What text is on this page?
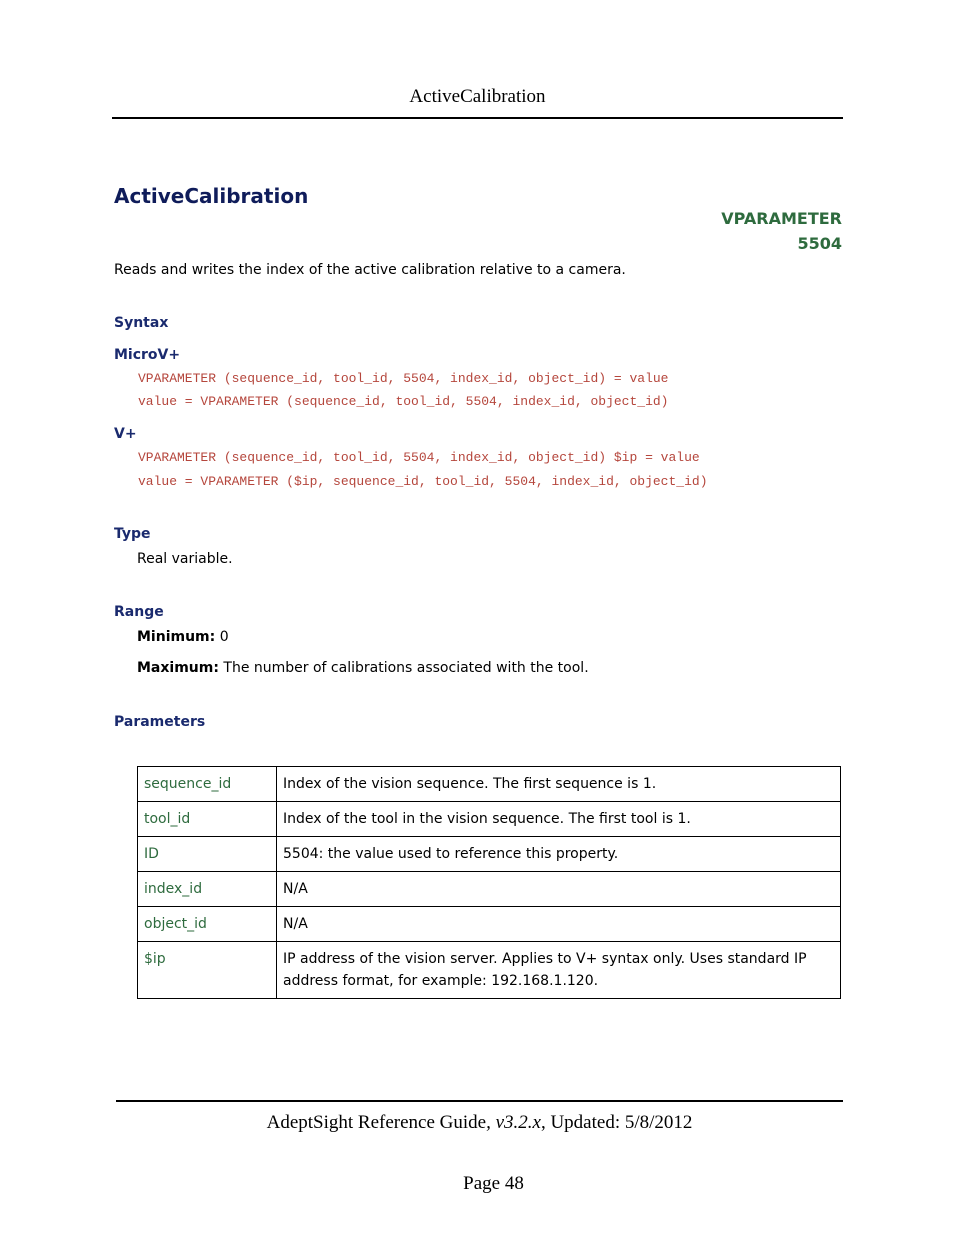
ActiveCalibration
ActiveCalibration
VPARAMETER
5504
Reads and writes the index of the active calibration relative to a camera.
Syntax
MicroV+
VPARAMETER (sequence_id, tool_id, 5504, index_id, object_id) = value
value = VPARAMETER (sequence_id, tool_id, 5504, index_id, object_id)
V+
VPARAMETER (sequence_id, tool_id, 5504, index_id, object_id) $ip = value
value = VPARAMETER ($ip, sequence_id, tool_id, 5504, index_id, object_id)
Type
Real variable.
Range
Minimum: 0
Maximum: The number of calibrations associated with the tool.
Parameters
sequence_id	Index of the vision sequence. The first sequence is 1.
tool_id	Index of the tool in the vision sequence. The first tool is 1.
ID	5504: the value used to reference this property.
index_id	N/A
object_id	N/A
$ip	IP address of the vision server. Applies to V+ syntax only. Uses standard IP address format, for example: 192.168.1.120.
AdeptSight Reference Guide, v3.2.x, Updated: 5/8/2012
Page 48
